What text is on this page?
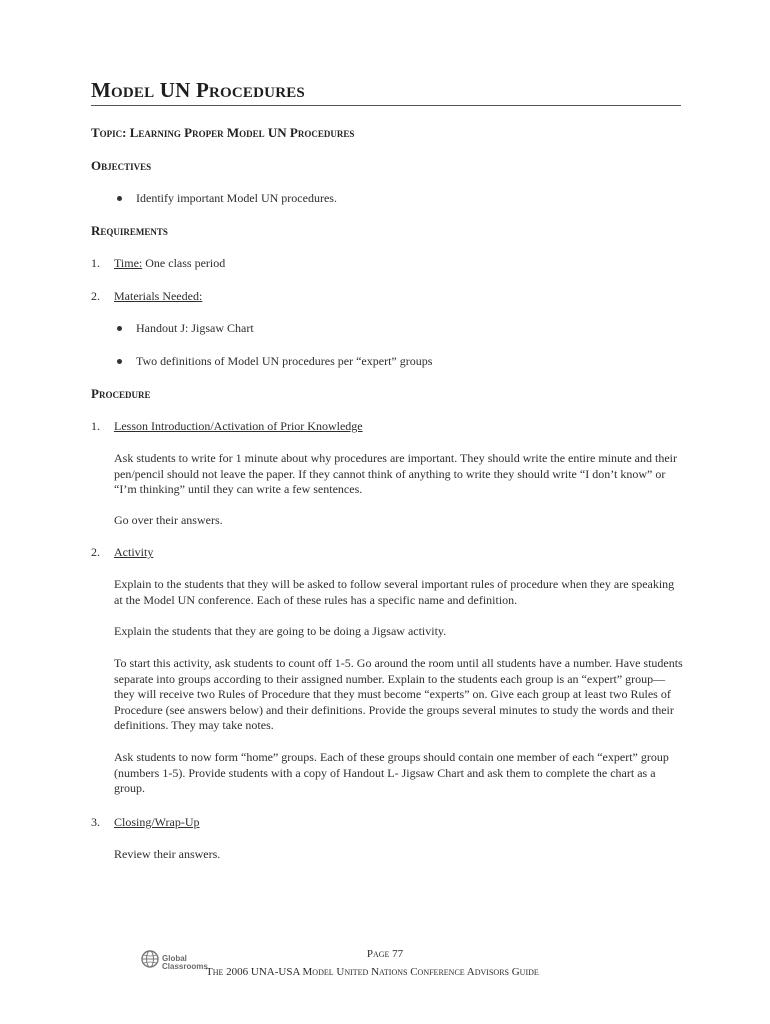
Model UN Procedures

Topic: Learning Proper Model UN Procedures

Objectives

Identify important Model UN procedures.

Requirements

1. Time: One class period

2. Materials Needed:

Handout J: Jigsaw Chart

Two definitions of Model UN procedures per “expert” groups

Procedure

1. Lesson Introduction/Activation of Prior Knowledge

Ask students to write for 1 minute about why procedures are important. They should write the entire minute and their pen/pencil should not leave the paper. If they cannot think of anything to write they should write “I don’t know” or “I’m thinking” until they can write a few sentences.

Go over their answers.

2. Activity

Explain to the students that they will be asked to follow several important rules of procedure when they are speaking at the Model UN conference. Each of these rules has a specific name and definition.

Explain the students that they are going to be doing a Jigsaw activity.

To start this activity, ask students to count off 1-5. Go around the room until all students have a number. Have students separate into groups according to their assigned number. Explain to the students each group is an “expert” group—they will receive two Rules of Procedure that they must become “experts” on. Give each group at least two Rules of Procedure (see answers below) and their definitions. Provide the groups several minutes to study the words and their definitions. They may take notes.

Ask students to now form “home” groups. Each of these groups should contain one member of each “expert” group (numbers 1-5). Provide students with a copy of Handout L- Jigsaw Chart and ask them to complete the chart as a group.

3. Closing/Wrap-Up

Review their answers.

Page 77

Global
Classrooms

The 2006 UNA-USA Model United Nations Conference Advisors Guide
